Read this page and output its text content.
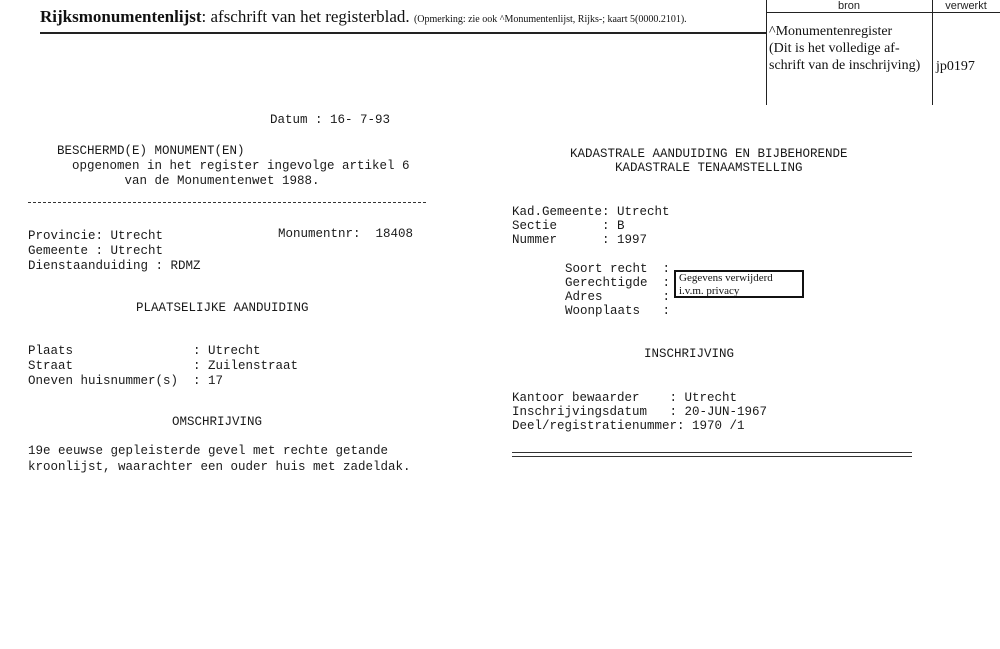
Rijksmonumentenlijst: afschrift van het registerblad. (Opmerking: zie ook ^Monumentenlijst, Rijks-; kaart 5(0000.2101).
bron	verwerkt
^Monumentenregister
(Dit is het volledige af-
schrift van de inschrijving) jp0197
Datum : 16- 7-93
BESCHERMD(E) MONUMENT(EN)
opgenomen in het register ingevolge artikel 6
van de Monumentenwet 1988.
Provincie: Utrecht	Monumentnr:  18408
Gemeente : Utrecht
Dienstaanduiding : RDMZ
PLAATSELIJKE AANDUIDING
Plaats                : Utrecht
Straat                : Zuilenstraat
Oneven huisnummer(s)  : 17
OMSCHRIJVING
19e eeuwse gepleisterde gevel met rechte getande
kroonlijst, waarachter een ouder huis met zadeldak.
KADASTRALE AANDUIDING EN BIJBEHORENDE
KADASTRALE TENAAMSTELLING
Kad.Gemeente: Utrecht
Sectie      : B
Nummer      : 1997
Soort recht  :
Gerechtigde  :
Adres        :
Woonplaats   :
Gegevens verwijderd i.v.m. privacy
INSCHRIJVING
Kantoor bewaarder    : Utrecht
Inschrijvingsdatum   : 20-JUN-1967
Deel/registratienummer: 1970 /1
